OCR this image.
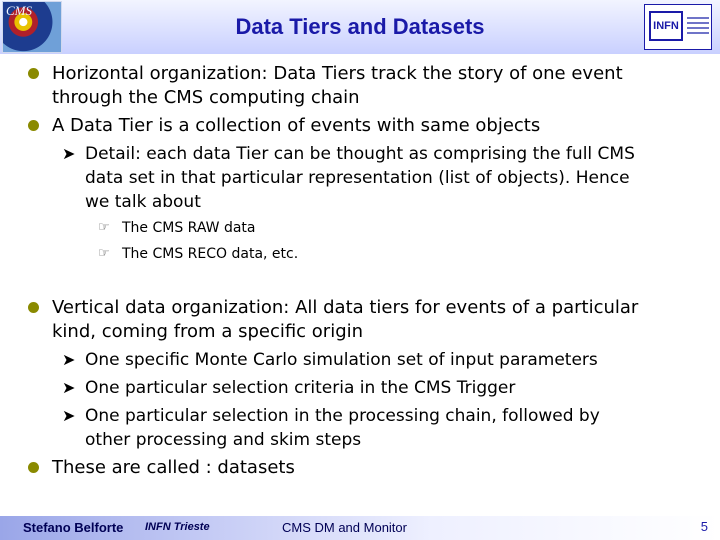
CMS
Data Tiers and Datasets	INFN
Horizontal organization: Data Tiers track the story of one event
through the CMS computing chain
A Data Tier is a collection of events with same objects
➤ Detail: each data Tier can be thought as comprising the full CMS
data set in that particular representation (list of objects). Hence
we talk about
☞ The CMS RAW data
☞ The CMS RECO data, etc.
Vertical data organization: All data tiers for events of a particular
kind, coming from a specific origin
➤ One specific Monte Carlo simulation set of input parameters
➤ One particular selection criteria in the CMS Trigger
➤ One particular selection in the processing chain, followed by
other processing and skim steps
These are called : datasets
Stefano Belforte INFN Trieste	CMS DM and Monitor	5
